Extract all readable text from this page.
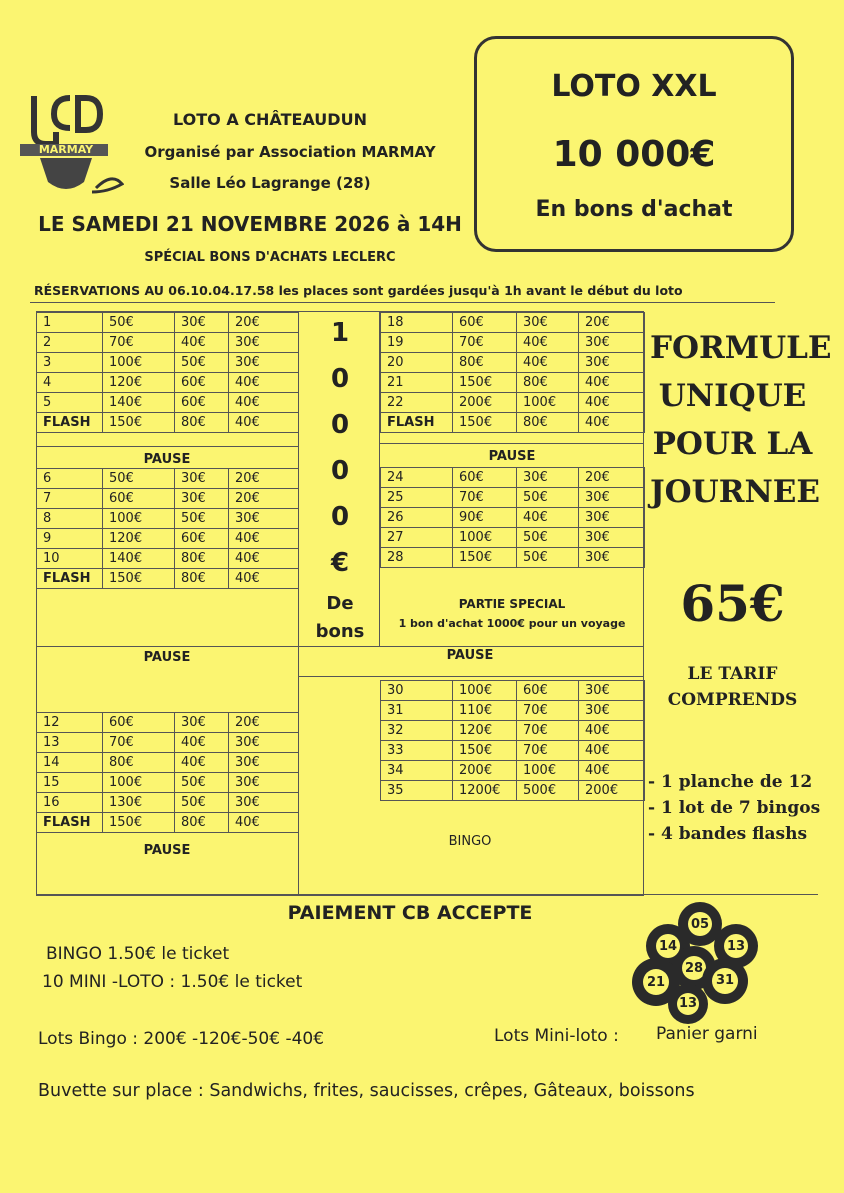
MARMAY
LOTO A CHÂTEAUDUN
Organisé par Association MARMAY
Salle Léo Lagrange (28)
LE SAMEDI 21 NOVEMBRE 2026 à 14H
SPÉCIAL BONS D'ACHATS LECLERC
RÉSERVATIONS AU 06.10.04.17.58 les places sont gardées jusqu'à 1h avant le début du loto
LOTO XXL
10 000€
En bons d'achat
1	50€	30€	20€
2	70€	40€	30€
3	100€	50€	30€
4	120€	60€	40€
5	140€	60€	40€
FLASH	150€	80€	40€
PAUSE
6	50€	30€	20€
7	60€	30€	20€
8	100€	50€	30€
9	120€	60€	40€
10	140€	80€	40€
FLASH	150€	80€	40€
PAUSE
12	60€	30€	20€
13	70€	40€	30€
14	80€	40€	30€
15	100€	50€	30€
16	130€	50€	30€
FLASH	150€	80€	40€
PAUSE
1
0
0
0
0
€
De
bons
18	60€	30€	20€
19	70€	40€	30€
20	80€	40€	30€
21	150€	80€	40€
22	200€	100€	40€
FLASH	150€	80€	40€
PAUSE
24	60€	30€	20€
25	70€	50€	30€
26	90€	40€	30€
27	100€	50€	30€
28	150€	50€	30€
PARTIE SPECIAL
1 bon d'achat 1000€ pour un voyage
PAUSE
30	100€	60€	30€
31	110€	70€	30€
32	120€	70€	40€
33	150€	70€	40€
34	200€	100€	40€
35	1200€	500€	200€
BINGO
FORMULE
UNIQUE
POUR LA
JOURNEE
65€
LE TARIF
COMPRENDS
- 1 planche de 12
- 1 lot de 7 bingos
- 4 bandes flashs
PAIEMENT CB ACCEPTE
BINGO 1.50€ le ticket
10 MINI -LOTO : 1.50€ le ticket
Lots Bingo : 200€ -120€-50€ -40€	Lots Mini-loto : Panier garni
Buvette sur place : Sandwichs, frites, saucisses, crêpes, Gâteaux, boissons
05
14	13
21
28
31
13
